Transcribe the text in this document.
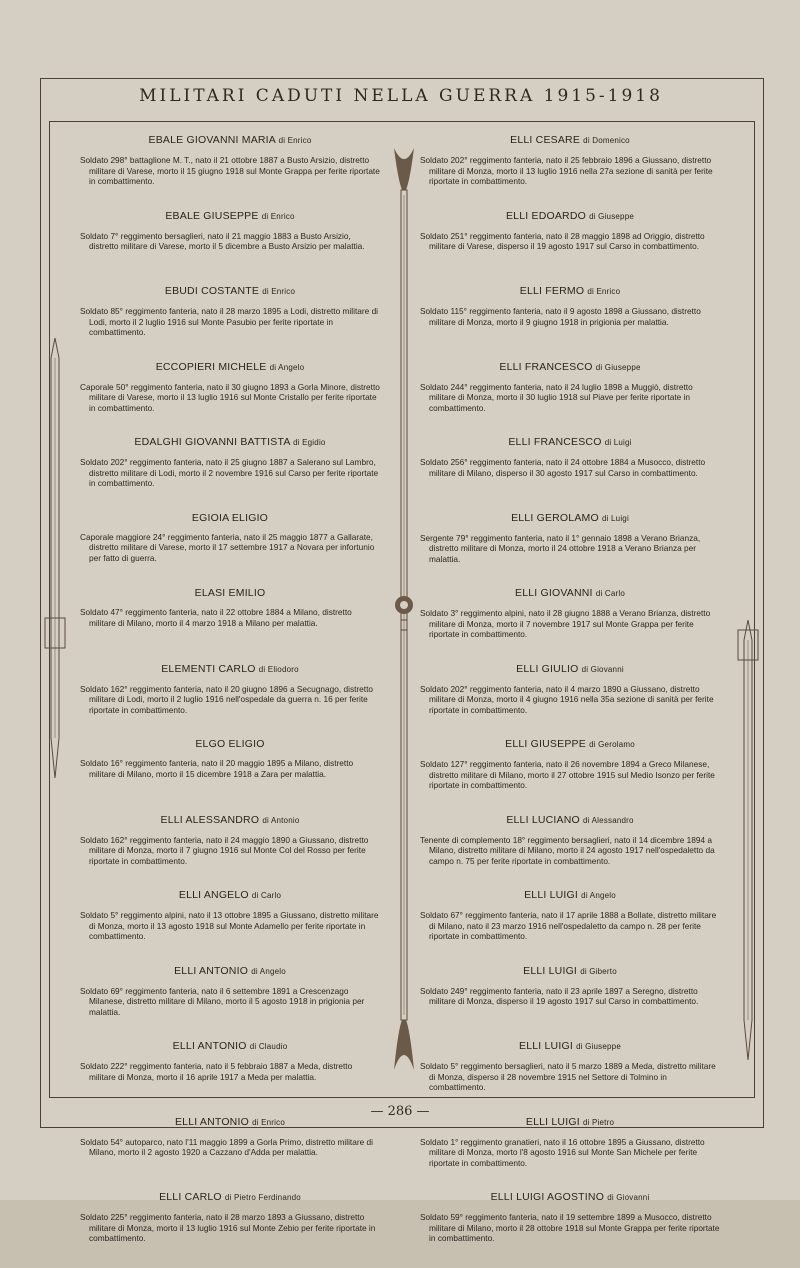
MILITARI CADUTI NELLA GUERRA 1915-1918
EBALE GIOVANNI MARIA di Enrico
Soldato 298° battaglione M. T., nato il 21 ottobre 1887 a Busto Arsizio, distretto militare di Varese, morto il 15 giugno 1918 sul Monte Grappa per ferite riportate in combattimento.
EBALE GIUSEPPE di Enrico
Soldato 7° reggimento bersaglieri, nato il 21 maggio 1883 a Busto Arsizio, distretto militare di Varese, morto il 5 dicembre a Busto Arsizio per malattia.
EBUDI COSTANTE di Enrico
Soldato 85° reggimento fanteria, nato il 28 marzo 1895 a Lodi, distretto militare di Lodi, morto il 2 luglio 1916 sul Monte Pasubio per ferite riportate in combattimento.
ECCOPIERI MICHELE di Angelo
Caporale 50° reggimento fanteria, nato il 30 giugno 1893 a Gorla Minore, distretto militare di Varese, morto il 13 luglio 1916 sul Monte Cristallo per ferite riportate in combattimento.
EDALGHI GIOVANNI BATTISTA di Egidio
Soldato 202° reggimento fanteria, nato il 25 giugno 1887 a Salerano sul Lambro, distretto militare di Lodi, morto il 2 novembre 1916 sul Carso per ferite riportate in combattimento.
EGIOIA ELIGIO
Caporale maggiore 24° reggimento fanteria, nato il 25 maggio 1877 a Gallarate, distretto militare di Varese, morto il 17 settembre 1917 a Novara per infortunio per fatto di guerra.
ELASI EMILIO
Soldato 47° reggimento fanteria, nato il 22 ottobre 1884 a Milano, distretto militare di Milano, morto il 4 marzo 1918 a Milano per malattia.
ELEMENTI CARLO di Eliodoro
Soldato 162° reggimento fanteria, nato il 20 giugno 1896 a Secugnago, distretto militare di Lodi, morto il 2 luglio 1916 nell'ospedale da guerra n. 16 per ferite riportate in combattimento.
ELGO ELIGIO
Soldato 16° reggimento fanteria, nato il 20 maggio 1895 a Milano, distretto militare di Milano, morto il 15 dicembre 1918 a Zara per malattia.
ELLI ALESSANDRO di Antonio
Soldato 162° reggimento fanteria, nato il 24 maggio 1890 a Giussano, distretto militare di Monza, morto il 7 giugno 1916 sul Monte Col del Rosso per ferite riportate in combattimento.
ELLI ANGELO di Carlo
Soldato 5° reggimento alpini, nato il 13 ottobre 1895 a Giussano, distretto militare di Monza, morto il 13 agosto 1918 sul Monte Adamello per ferite riportate in combattimento.
ELLI ANTONIO di Angelo
Soldato 69° reggimento fanteria, nato il 6 settembre 1891 a Crescenzago Milanese, distretto militare di Milano, morto il 5 agosto 1918 in prigionia per malattia.
ELLI ANTONIO di Claudio
Soldato 222° reggimento fanteria, nato il 5 febbraio 1887 a Meda, distretto militare di Monza, morto il 16 aprile 1917 a Meda per malattia.
ELLI ANTONIO di Enrico
Soldato 54° autoparco, nato l'11 maggio 1899 a Gorla Primo, distretto militare di Milano, morto il 2 agosto 1920 a Cazzano d'Adda per malattia.
ELLI CARLO di Pietro Ferdinando
Soldato 225° reggimento fanteria, nato il 28 marzo 1893 a Giussano, distretto militare di Monza, morto il 13 luglio 1916 sul Monte Zebio per ferite riportate in combattimento.
ELLI CESARE di Domenico
Soldato 202° reggimento fanteria, nato il 25 febbraio 1896 a Giussano, distretto militare di Monza, morto il 13 luglio 1916 nella 27a sezione di sanità per ferite riportate in combattimento.
ELLI EDOARDO di Giuseppe
Soldato 251° reggimento fanteria, nato il 28 maggio 1898 ad Origgio, distretto militare di Varese, disperso il 19 agosto 1917 sul Carso in combattimento.
ELLI FERMO di Enrico
Soldato 115° reggimento fanteria, nato il 9 agosto 1898 a Giussano, distretto militare di Monza, morto il 9 giugno 1918 in prigionia per malattia.
ELLI FRANCESCO di Giuseppe
Soldato 244° reggimento fanteria, nato il 24 luglio 1898 a Muggiò, distretto militare di Monza, morto il 30 luglio 1918 sul Piave per ferite riportate in combattimento.
ELLI FRANCESCO di Luigi
Soldato 256° reggimento fanteria, nato il 24 ottobre 1884 a Musocco, distretto militare di Milano, disperso il 30 agosto 1917 sul Carso in combattimento.
ELLI GEROLAMO di Luigi
Sergente 79° reggimento fanteria, nato il 1° gennaio 1898 a Verano Brianza, distretto militare di Monza, morto il 24 ottobre 1918 a Verano Brianza per malattia.
ELLI GIOVANNI di Carlo
Soldato 3° reggimento alpini, nato il 28 giugno 1888 a Verano Brianza, distretto militare di Monza, morto il 7 novembre 1917 sul Monte Grappa per ferite riportate in combattimento.
ELLI GIULIO di Giovanni
Soldato 202° reggimento fanteria, nato il 4 marzo 1890 a Giussano, distretto militare di Monza, morto il 4 giugno 1916 nella 35a sezione di sanità per ferite riportate in combattimento.
ELLI GIUSEPPE di Gerolamo
Soldato 127° reggimento fanteria, nato il 26 novembre 1894 a Greco Milanese, distretto militare di Milano, morto il 27 ottobre 1915 sul Medio Isonzo per ferite riportate in combattimento.
ELLI LUCIANO di Alessandro
Tenente di complemento 18° reggimento bersaglieri, nato il 14 dicembre 1894 a Milano, distretto militare di Milano, morto il 24 agosto 1917 nell'ospedaletto da campo n. 75 per ferite riportate in combattimento.
ELLI LUIGI di Angelo
Soldato 67° reggimento fanteria, nato il 17 aprile 1888 a Bollate, distretto militare di Milano, nato il 23 marzo 1916 nell'ospedaletto da campo n. 28 per ferite riportate in combattimento.
ELLI LUIGI di Giberto
Soldato 249° reggimento fanteria, nato il 23 aprile 1897 a Seregno, distretto militare di Monza, disperso il 19 agosto 1917 sul Carso in combattimento.
ELLI LUIGI di Giuseppe
Soldato 5° reggimento bersaglieri, nato il 5 marzo 1889 a Meda, distretto militare di Monza, disperso il 28 novembre 1915 nel Settore di Tolmino in combattimento.
ELLI LUIGI di Pietro
Soldato 1° reggimento granatieri, nato il 16 ottobre 1895 a Giussano, distretto militare di Monza, morto l'8 agosto 1916 sul Monte San Michele per ferite riportate in combattimento.
ELLI LUIGI AGOSTINO di Giovanni
Soldato 59° reggimento fanteria, nato il 19 settembre 1899 a Musocco, distretto militare di Milano, morto il 28 ottobre 1918 sul Monte Grappa per ferite riportate in combattimento.
— 286 —
